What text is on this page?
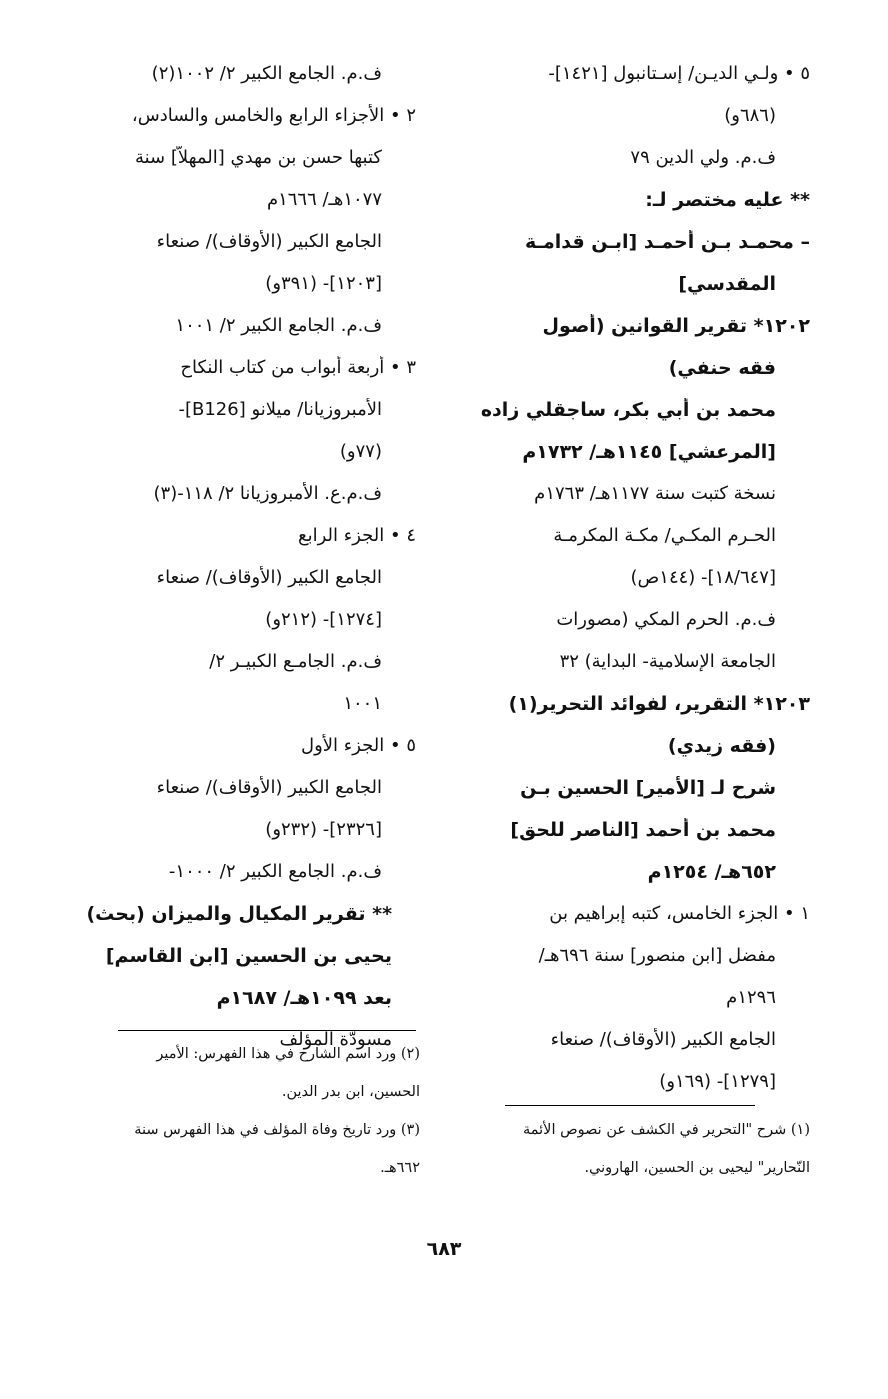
٥ • ولـي الديـن/ إسـتانبول [١٤٢١]-
(٦٨٦و)
ف.م. ولي الدين ٧٩
** عليه مختصر لـ:
– محمـد بـن أحمـد [ابـن قدامـة
المقدسي]
١٢٠٢* تقرير القوانين (أصول
فقه حنفي)
محمد بن أبي بكر، ساجقلي زاده
[المرعشي] ١١٤٥هـ/ ١٧٣٢م
نسخة كتبت سنة ١١٧٧هـ/ ١٧٦٣م
الحـرم المكـي/ مكـة المكرمـة
[١٨/٦٤٧]- (١٤٤ص)
ف.م. الحرم المكي (مصورات
الجامعة الإسلامية- البداية) ٣٢
١٢٠٣* التقرير، لفوائد التحرير(١)
(فقه زيدي)
شرح لـ [الأمير] الحسين بـن
محمد بن أحمد [الناصر للحق]
٦٥٢هـ/ ١٢٥٤م
١ • الجزء الخامس، كتبه إبراهيم بن
مفضل [ابن منصور] سنة ٦٩٦هـ/
١٢٩٦م
الجامع الكبير (الأوقاف)/ صنعاء
[١٢٧٩]- (١٦٩و)
ف.م. الجامع الكبير ٢/ ١٠٠٢(٢)
٢ • الأجزاء الرابع والخامس والسادس،
كتبها حسن بن مهدي [المهلاّ] سنة
١٠٧٧هـ/ ١٦٦٦م
الجامع الكبير (الأوقاف)/ صنعاء
[١٢٠٣]- (٣٩١و)
ف.م. الجامع الكبير ٢/ ١٠٠١
٣ • أربعة أبواب من كتاب النكاح
الأمبروزيانا/ ميلانو [B126]-
(٧٧و)
ف.م.ع. الأمبروزيانا ٢/ ١١٨-(٣)
٤ • الجزء الرابع
الجامع الكبير (الأوقاف)/ صنعاء
[١٢٧٤]- (٢١٢و)
ف.م. الجامـع الكبيـر ٢/
١٠٠١
٥ • الجزء الأول
الجامع الكبير (الأوقاف)/ صنعاء
[٢٣٢٦]- (٢٣٢و)
ف.م. الجامع الكبير ٢/ ١٠٠٠-
** تقرير المكيال والميزان (بحث)
يحيى بن الحسين [ابن القاسم]
بعد ١٠٩٩هـ/ ١٦٨٧م
مسودّة المؤلف
(٢) ورد اسم الشارح في هذا الفهرس: الأمير
الحسين، ابن بدر الدين.
(٣) ورد تاريخ وفاة المؤلف في هذا الفهرس سنة
٦٦٢هـ.
(١) شرح "التحرير في الكشف عن نصوص الأئمة
النّحارير" ليحيى بن الحسين، الهاروني.
٦٨٣
